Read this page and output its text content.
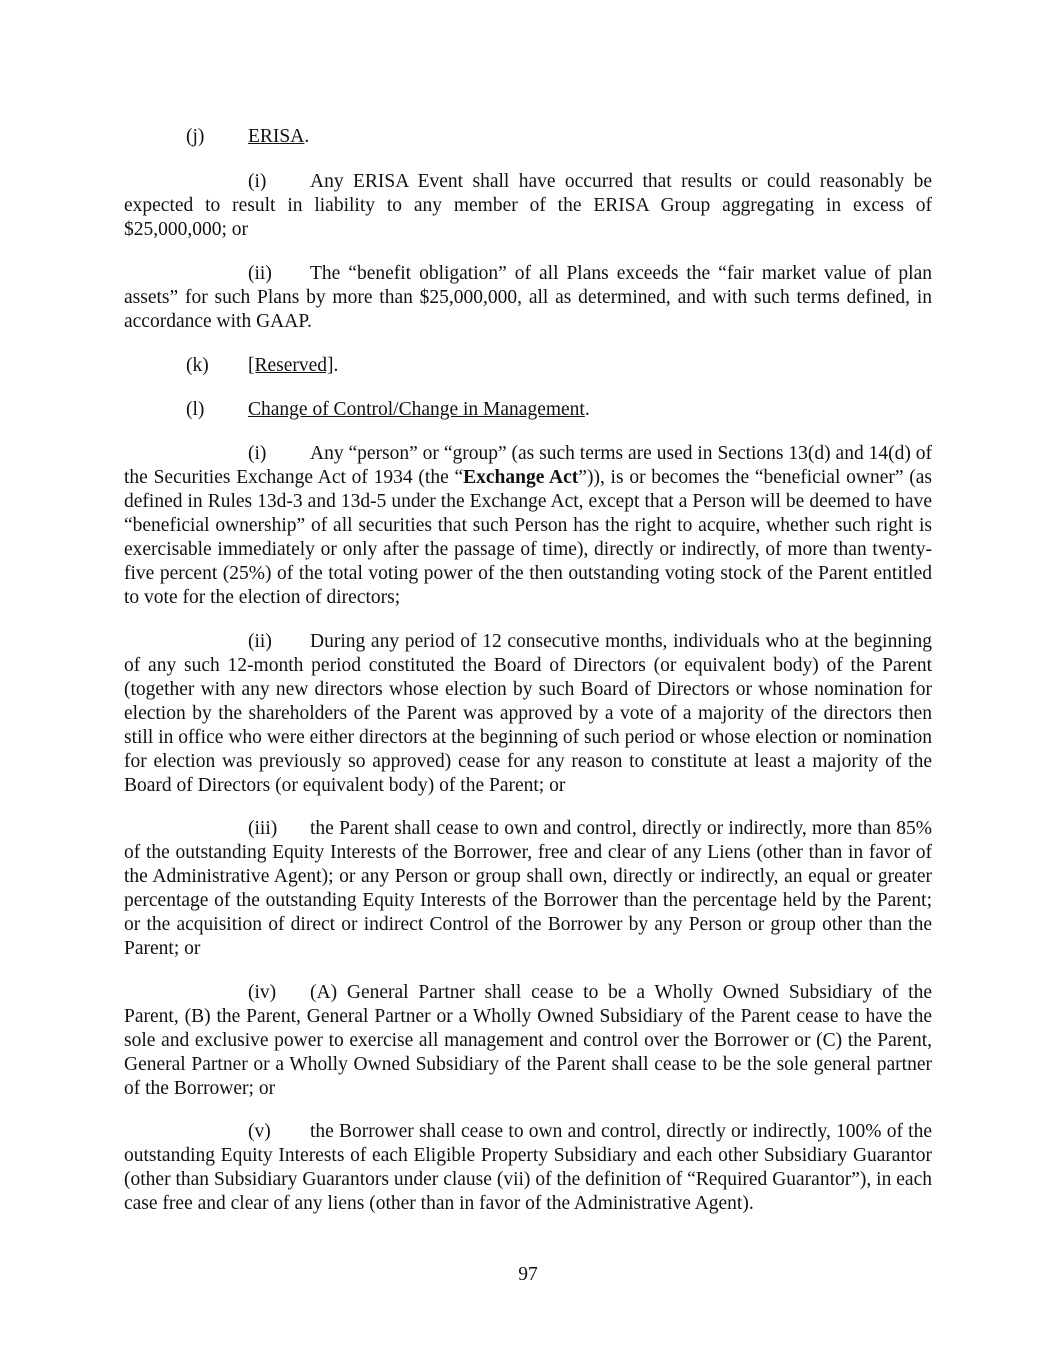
(j) ERISA.

(i) Any ERISA Event shall have occurred that results or could reasonably be expected to result in liability to any member of the ERISA Group aggregating in excess of $25,000,000; or

(ii) The “benefit obligation” of all Plans exceeds the “fair market value of plan assets” for such Plans by more than $25,000,000, all as determined, and with such terms defined, in accordance with GAAP.

(k) [Reserved].
(l) Change of Control/Change in Management.

(i) Any “person” or “group” (as such terms are used in Sections 13(d) and 14(d) of the Securities Exchange Act of 1934 (the “Exchange Act”)), is or becomes the “beneficial owner” (as defined in Rules 13d-3 and 13d-5 under the Exchange Act, except that a Person will be deemed to have “beneficial ownership” of all securities that such Person has the right to acquire, whether such right is exercisable immediately or only after the passage of time), directly or indirectly, of more than twenty-five percent (25%) of the total voting power of the then outstanding voting stock of the Parent entitled to vote for the election of directors;

(ii) During any period of 12 consecutive months, individuals who at the beginning of any such 12-month period constituted the Board of Directors (or equivalent body) of the Parent (together with any new directors whose election by such Board of Directors or whose nomination for election by the shareholders of the Parent was approved by a vote of a majority of the directors then still in office who were either directors at the beginning of such period or whose election or nomination for election was previously so approved) cease for any reason to constitute at least a majority of the Board of Directors (or equivalent body) of the Parent; or

(iii) the Parent shall cease to own and control, directly or indirectly, more than 85% of the outstanding Equity Interests of the Borrower, free and clear of any Liens (other than in favor of the Administrative Agent); or any Person or group shall own, directly or indirectly, an equal or greater percentage of the outstanding Equity Interests of the Borrower than the percentage held by the Parent; or the acquisition of direct or indirect Control of the Borrower by any Person or group other than the Parent; or

(iv) (A) General Partner shall cease to be a Wholly Owned Subsidiary of the Parent, (B) the Parent, General Partner or a Wholly Owned Subsidiary of the Parent cease to have the sole and exclusive power to exercise all management and control over the Borrower or (C) the Parent, General Partner or a Wholly Owned Subsidiary of the Parent shall cease to be the sole general partner of the Borrower; or

(v) the Borrower shall cease to own and control, directly or indirectly, 100% of the outstanding Equity Interests of each Eligible Property Subsidiary and each other Subsidiary Guarantor (other than Subsidiary Guarantors under clause (vii) of the definition of “Required Guarantor”), in each case free and clear of any liens (other than in favor of the Administrative Agent).

97
